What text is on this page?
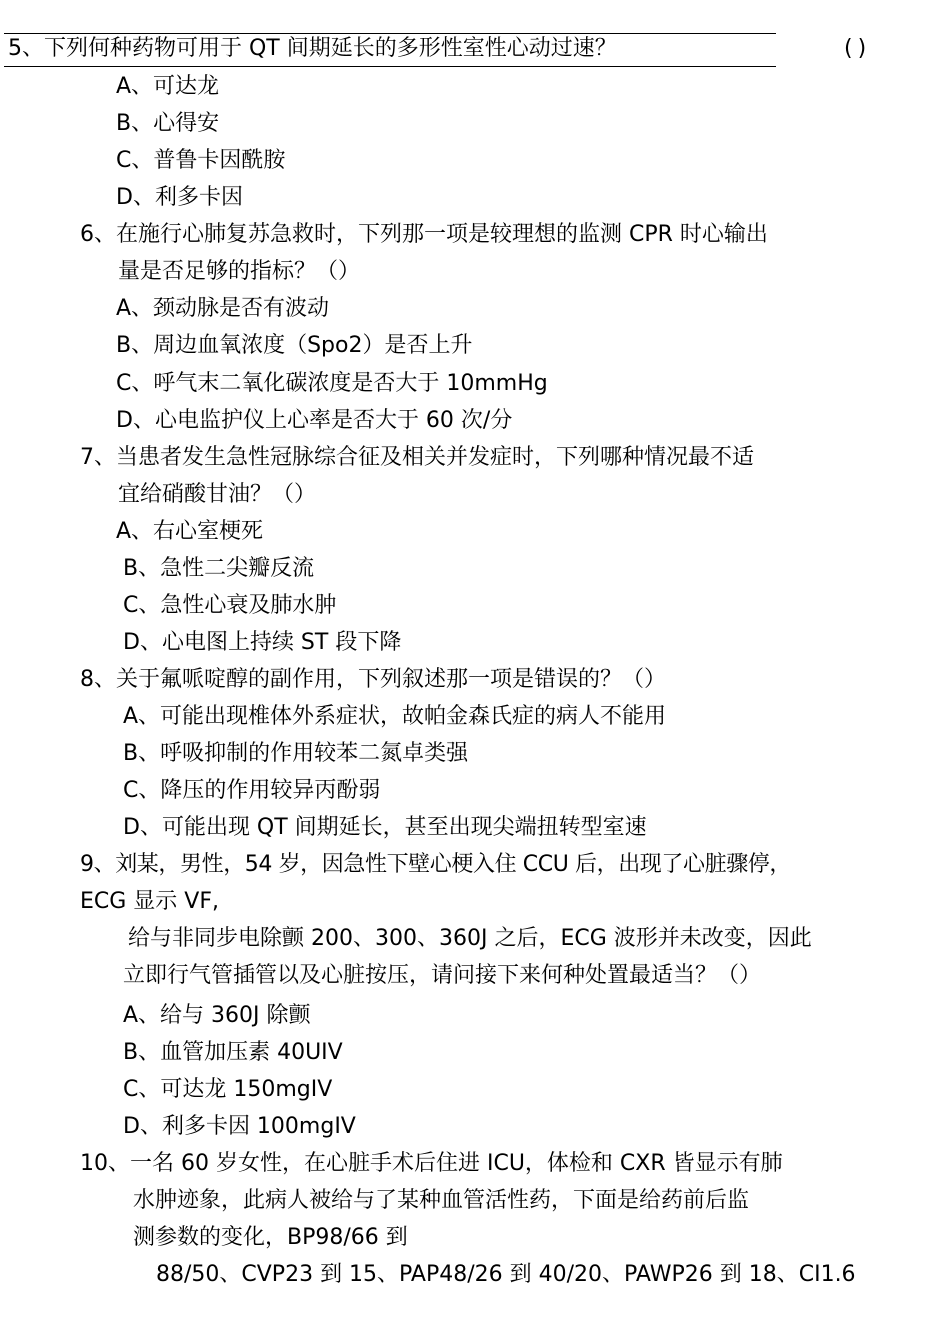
5、下列何种药物可用于 QT 间期延长的多形性室性心动过速？	( )
A、可达龙
B、心得安
C、普鲁卡因酰胺
D、利多卡因
6、在施行心肺复苏急救时，下列那一项是较理想的监测 CPR 时心输出
量是否足够的指标？（）
A、颈动脉是否有波动
B、周边血氧浓度（Spo2）是否上升
C、呼气末二氧化碳浓度是否大于 10mmHg
D、心电监护仪上心率是否大于 60 次/分
7、当患者发生急性冠脉综合征及相关并发症时，下列哪种情况最不适
宜给硝酸甘油？（）
A、右心室梗死
B、急性二尖瓣反流
C、急性心衰及肺水肿
D、心电图上持续 ST 段下降
8、关于氟哌啶醇的副作用，下列叙述那一项是错误的？（）
A、可能出现椎体外系症状，故帕金森氏症的病人不能用
B、呼吸抑制的作用较苯二氮卓类强
C、降压的作用较异丙酚弱
D、可能出现 QT 间期延长，甚至出现尖端扭转型室速
9、刘某，男性，54 岁，因急性下壁心梗入住 CCU 后，出现了心脏骤停，
ECG 显示 VF,
给与非同步电除颤 200、300、360J 之后，ECG 波形并未改变，因此
立即行气管插管以及心脏按压，请问接下来何种处置最适当？（）
A、给与 360J 除颤
B、血管加压素 40UIV
C、可达龙 150mgIV
D、利多卡因 100mgIV
10、一名 60 岁女性，在心脏手术后住进 ICU，体检和 CXR 皆显示有肺
水肿迹象，此病人被给与了某种血管活性药，下面是给药前后监
测参数的变化，BP98/66 到
88/50、CVP23 到 15、PAP48/26 到 40/20、PAWP26 到 18、CI1.6
